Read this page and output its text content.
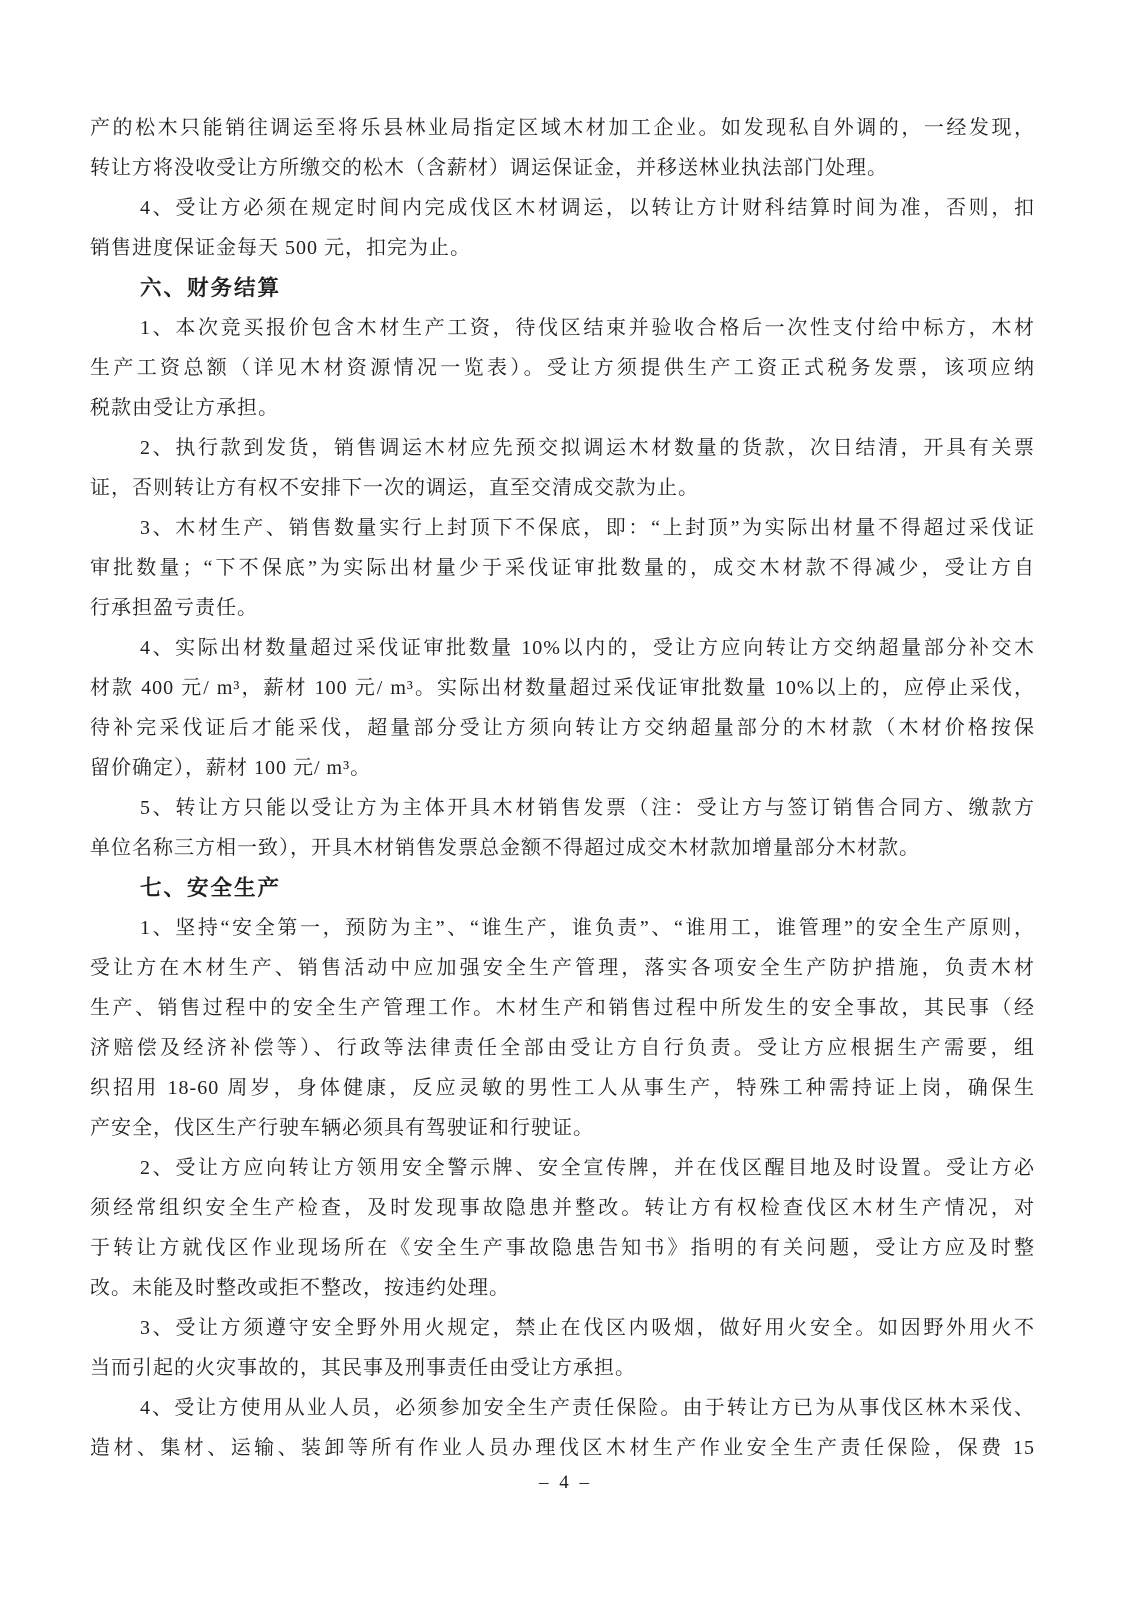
产的松木只能销往调运至将乐县林业局指定区域木材加工企业。如发现私自外调的，一经发现，
转让方将没收受让方所缴交的松木（含薪材）调运保证金，并移送林业执法部门处理。
4、受让方必须在规定时间内完成伐区木材调运，以转让方计财科结算时间为准，否则，扣
销售进度保证金每天 500 元，扣完为止。
六、财务结算
1、本次竞买报价包含木材生产工资，待伐区结束并验收合格后一次性支付给中标方，木材
生产工资总额（详见木材资源情况一览表）。受让方须提供生产工资正式税务发票，该项应纳
税款由受让方承担。
2、执行款到发货，销售调运木材应先预交拟调运木材数量的货款，次日结清，开具有关票
证，否则转让方有权不安排下一次的调运，直至交清成交款为止。
3、木材生产、销售数量实行上封顶下不保底，即：“上封顶”为实际出材量不得超过采伐证
审批数量；“下不保底”为实际出材量少于采伐证审批数量的，成交木材款不得减少，受让方自
行承担盈亏责任。
4、实际出材数量超过采伐证审批数量 10%以内的，受让方应向转让方交纳超量部分补交木
材款 400 元/ m³，薪材 100 元/ m³。实际出材数量超过采伐证审批数量 10%以上的，应停止采伐，
待补完采伐证后才能采伐，超量部分受让方须向转让方交纳超量部分的木材款（木材价格按保
留价确定），薪材 100 元/ m³。
5、转让方只能以受让方为主体开具木材销售发票（注：受让方与签订销售合同方、缴款方
单位名称三方相一致），开具木材销售发票总金额不得超过成交木材款加增量部分木材款。
七、安全生产
1、坚持“安全第一，预防为主”、“谁生产，谁负责”、“谁用工，谁管理”的安全生产原则，
受让方在木材生产、销售活动中应加强安全生产管理，落实各项安全生产防护措施，负责木材
生产、销售过程中的安全生产管理工作。木材生产和销售过程中所发生的安全事故，其民事（经
济赔偿及经济补偿等）、行政等法律责任全部由受让方自行负责。受让方应根据生产需要，组
织招用 18-60 周岁，身体健康，反应灵敏的男性工人从事生产，特殊工种需持证上岗，确保生
产安全，伐区生产行驶车辆必须具有驾驶证和行驶证。
2、受让方应向转让方领用安全警示牌、安全宣传牌，并在伐区醒目地及时设置。受让方必
须经常组织安全生产检查，及时发现事故隐患并整改。转让方有权检查伐区木材生产情况，对
于转让方就伐区作业现场所在《安全生产事故隐患告知书》指明的有关问题，受让方应及时整
改。未能及时整改或拒不整改，按违约处理。
3、受让方须遵守安全野外用火规定，禁止在伐区内吸烟，做好用火安全。如因野外用火不
当而引起的火灾事故的，其民事及刑事责任由受让方承担。
4、受让方使用从业人员，必须参加安全生产责任保险。由于转让方已为从事伐区林木采伐、
造材、集材、运输、装卸等所有作业人员办理伐区木材生产作业安全生产责任保险，保费 15
– 4 –
